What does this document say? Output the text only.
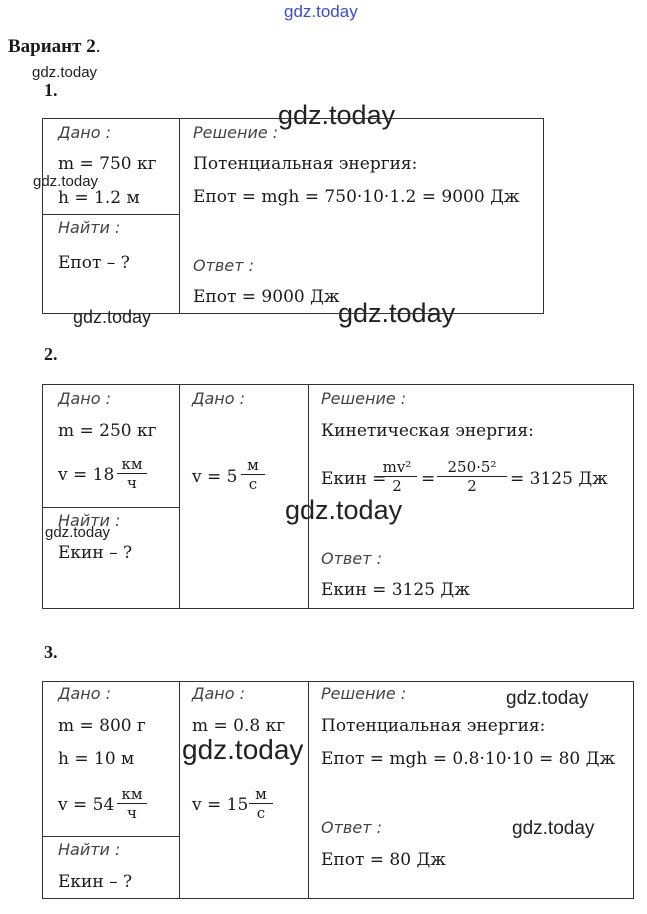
gdz.today
gdz.today
gdz.today
gdz.today
gdz.today	gdz.today
gdz.today
gdz.today
gdz.today
gdz.today
gdz.today
Вариант 2.
1.
Дано :
m = 750 кг
h = 1.2 м
Найти :
Eпот – ?
Решение :
Потенциальная энергия:
Eпот = mgh = 750·10·1.2 = 9000 Дж
Ответ :
Eпот = 9000 Дж
2.
Дано :
m = 250 кг
v = 18
км
ч
Найти :
Eкин – ?
Дано :
v = 5
м
с
Решение :
Кинетическая энергия:
Eкин =
$\frac{\text{mv²}}{2} = \frac{\text{250·5²}}{2} = 3125$ Дж
Ответ :
Eкин = 3125 Дж
3.
Дано :
m = 800 г
h = 10 м
v = 54
км
ч
Найти :
Eкин – ?
Дано :
m = 0.8 кг
v = 15
м
с
Решение :
Потенциальная энергия:
Eпот = mgh = 0.8·10·10 = 80 Дж
Ответ :
Eпот = 80 Дж
